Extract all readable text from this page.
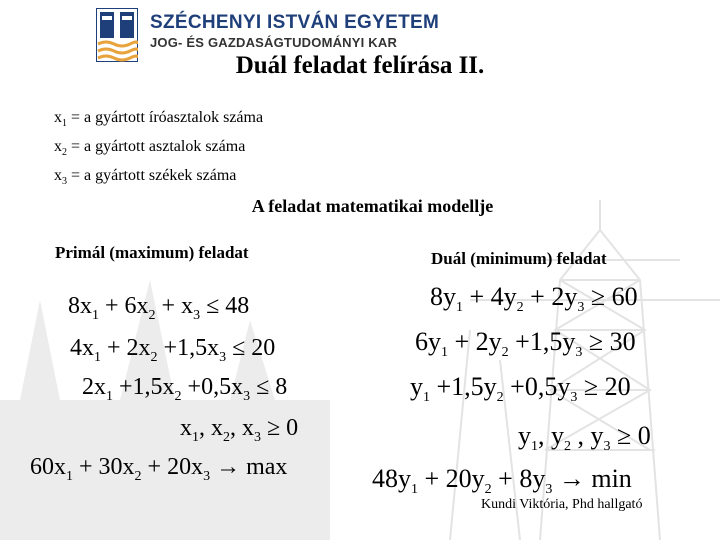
SZÉCHENYI ISTVÁN EGYETEM
JOG- ÉS GAZDASÁGTUDOMÁNYI KAR
Duál feladat felírása II.
$x_1 = a$ gyártott íróasztalok száma
$x_2 = a$ gyártott asztalok száma
$x_3 = a$ gyártott székek száma
A feladat matematikai modellje
Primál (maximum) feladat	Duál (minimum) feladat
$8x_1 + 6x_2 + x_3 \le 48$
$4x_1 + 2x_2 +1,5x_3 \le 20$
$2x_1 +1,5x_2 +0,5x_3 \le 8$
$x_1$, $x_2$, $x_3 \ge 0$
$60x_1 + 30x_2 + 20x_3 \to \max$
$8y_1 + 4y_2 + 2y_3 \ge 60$
$6y_1 + 2y_2 +1,5y_3 \ge 30$
$y_1 +1,5y_2 +0,5y_3 \ge 20$
$y_1$, $y_2$ , $y_3 \ge 0$
$48y_1 + 20y_2 + 8y_3 \to \min$
Kundi Viktória, Phd hallgató
